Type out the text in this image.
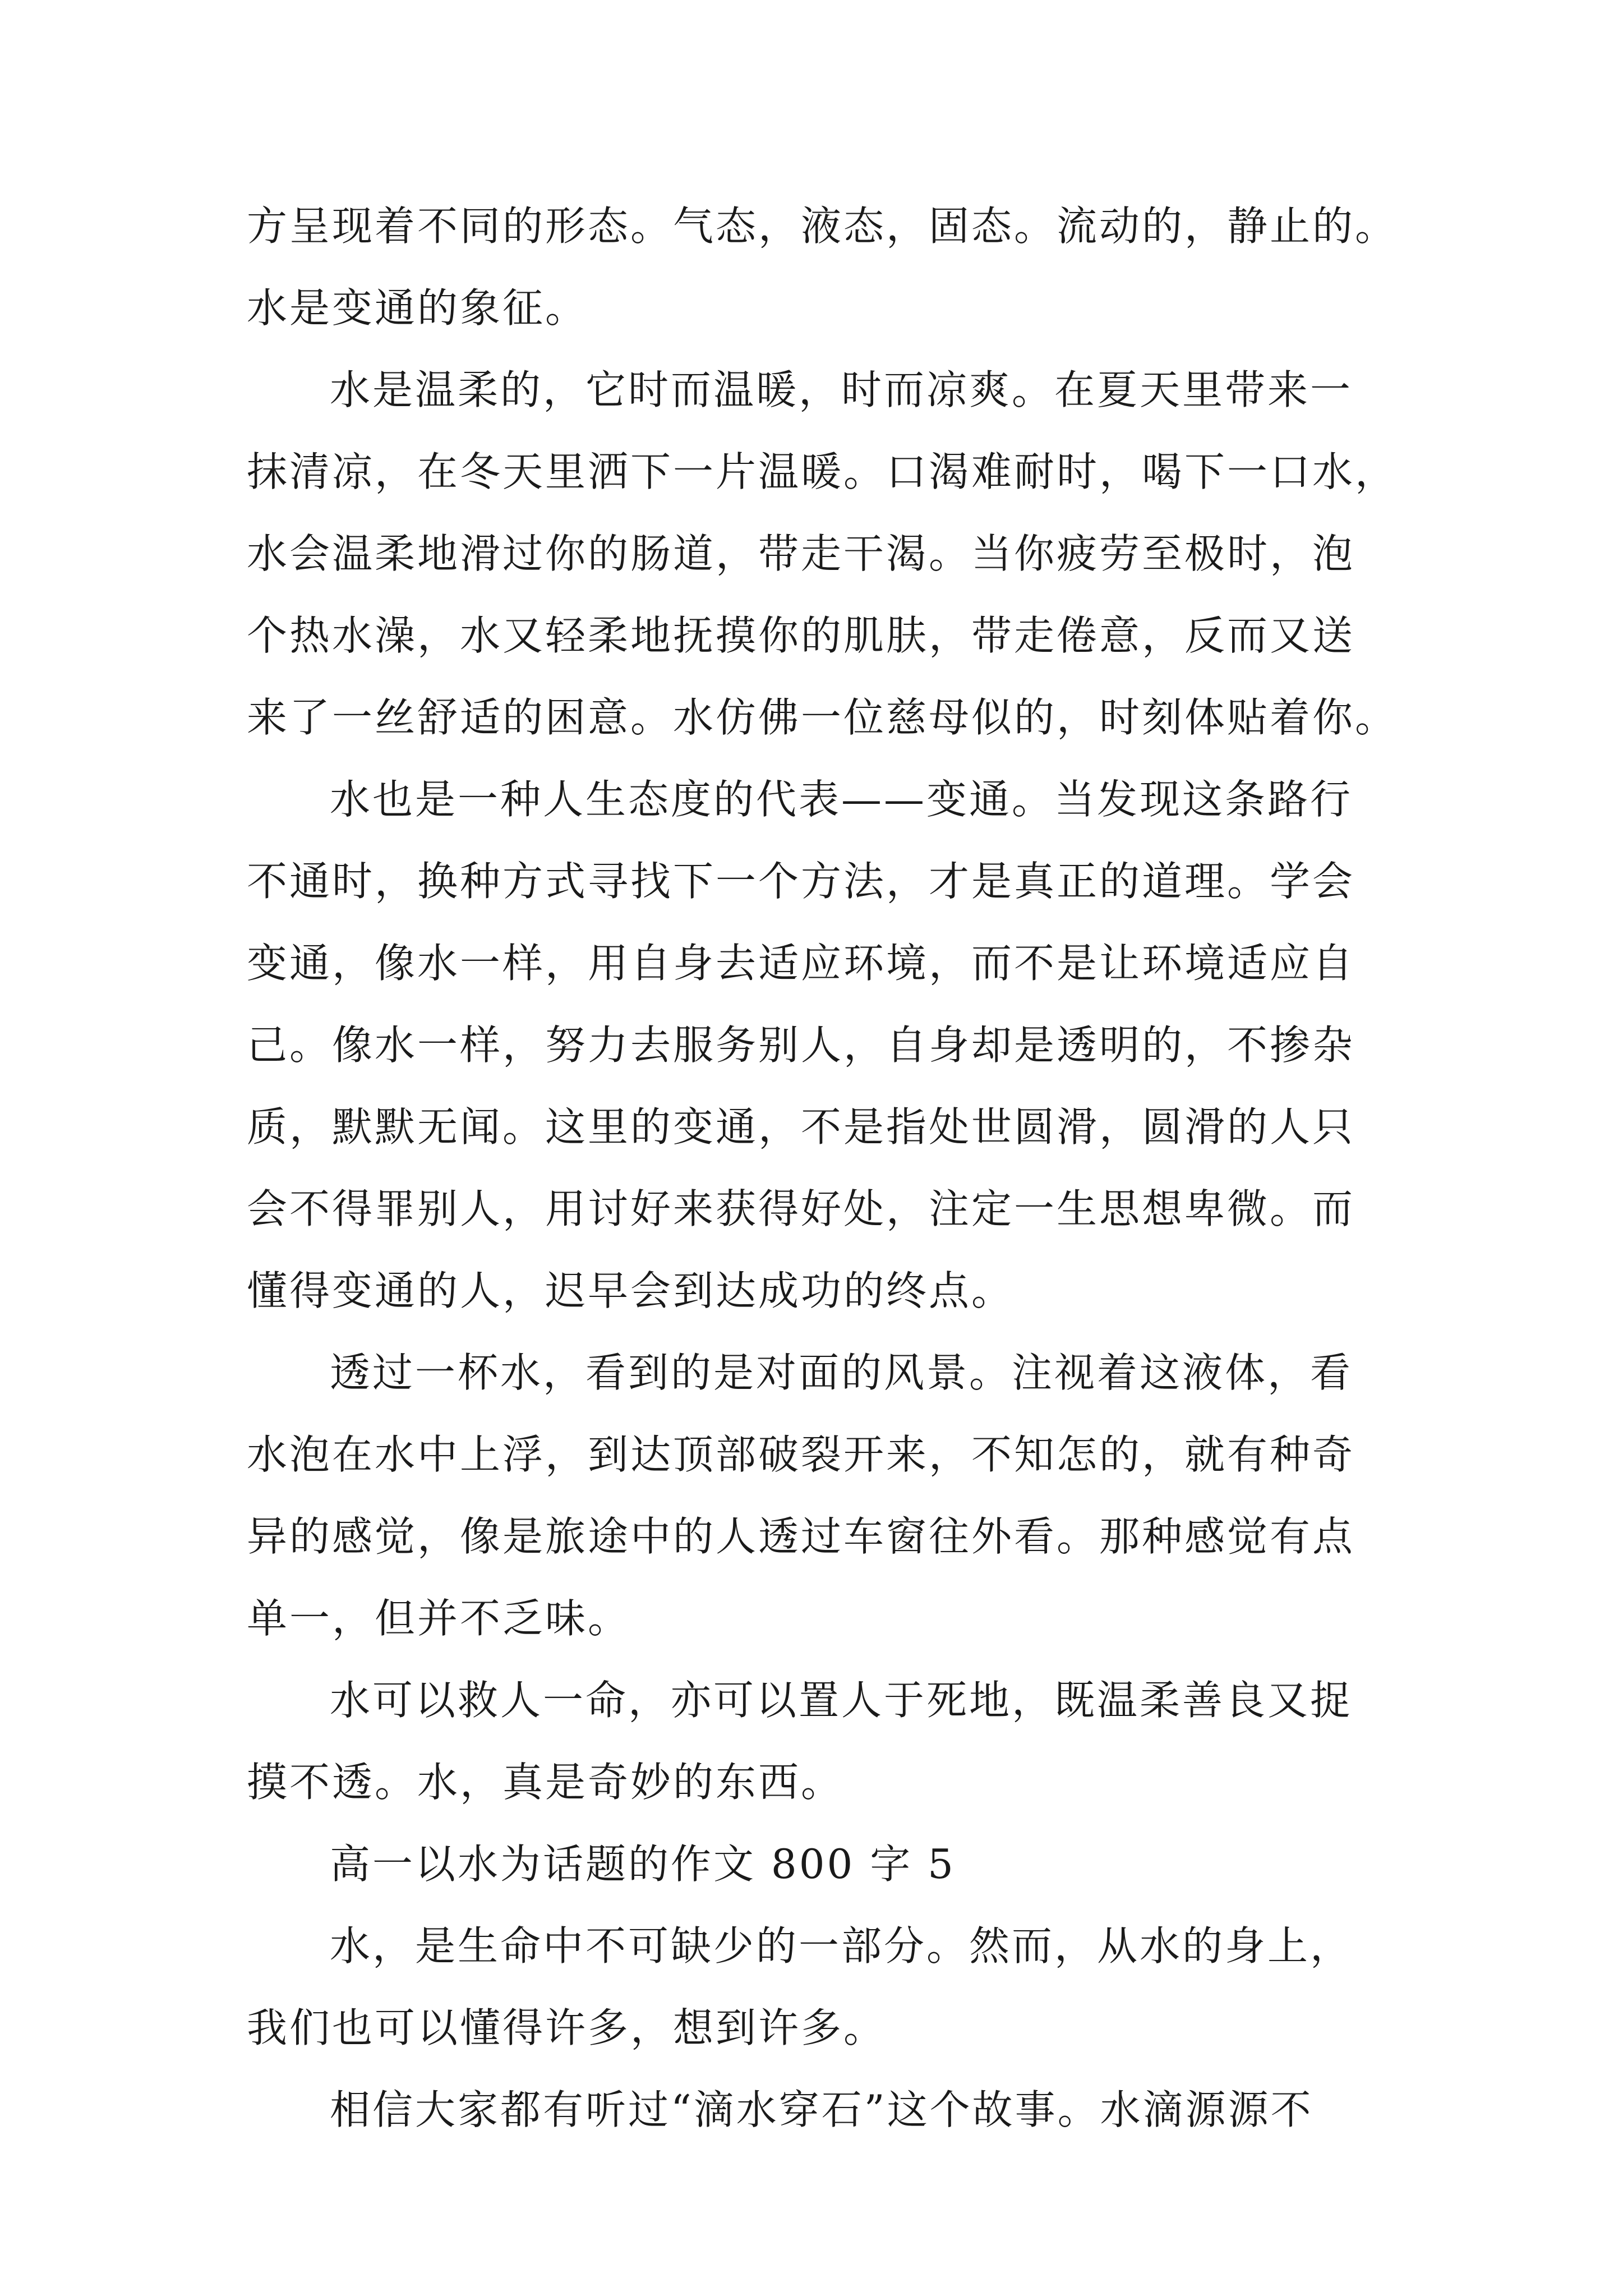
方呈现着不同的形态。气态，液态，固态。流动的，静止的。
水是变通的象征。
水是温柔的，它时而温暖，时而凉爽。在夏天里带来一
抹清凉，在冬天里洒下一片温暖。口渴难耐时，喝下一口水，
水会温柔地滑过你的肠道，带走干渴。当你疲劳至极时，泡
个热水澡，水又轻柔地抚摸你的肌肤，带走倦意，反而又送
来了一丝舒适的困意。水仿佛一位慈母似的，时刻体贴着你。
水也是一种人生态度的代表——变通。当发现这条路行
不通时，换种方式寻找下一个方法，才是真正的道理。学会
变通，像水一样，用自身去适应环境，而不是让环境适应自
己。像水一样，努力去服务别人，自身却是透明的，不掺杂
质，默默无闻。这里的变通，不是指处世圆滑，圆滑的人只
会不得罪别人，用讨好来获得好处，注定一生思想卑微。而
懂得变通的人，迟早会到达成功的终点。
透过一杯水，看到的是对面的风景。注视着这液体，看
水泡在水中上浮，到达顶部破裂开来，不知怎的，就有种奇
异的感觉，像是旅途中的人透过车窗往外看。那种感觉有点
单一，但并不乏味。
水可以救人一命，亦可以置人于死地，既温柔善良又捉
摸不透。水，真是奇妙的东西。
高一以水为话题的作文 800 字 5
水，是生命中不可缺少的一部分。然而，从水的身上，
我们也可以懂得许多，想到许多。
相信大家都有听过“滴水穿石”这个故事。水滴源源不
